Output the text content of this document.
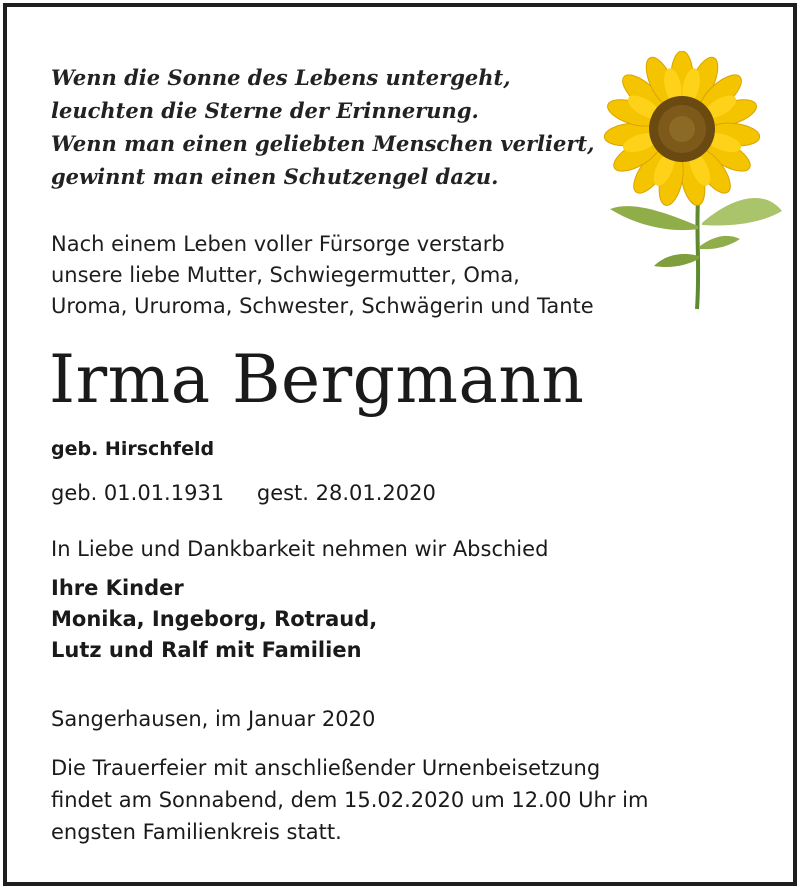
Wenn die Sonne des Lebens untergeht,
leuchten die Sterne der Erinnerung.
Wenn man einen geliebten Menschen verliert,
gewinnt man einen Schutzengel dazu.
Nach einem Leben voller Fürsorge verstarb
unsere liebe Mutter, Schwiegermutter, Oma,
Uroma, Ururoma, Schwester, Schwägerin und Tante
Irma Bergmann
geb. Hirschfeld
geb. 01.01.1931 gest. 28.01.2020
In Liebe und Dankbarkeit nehmen wir Abschied
Ihre Kinder
Monika, Ingeborg, Rotraud,
Lutz und Ralf mit Familien
Sangerhausen, im Januar 2020
Die Trauerfeier mit anschließender Urnenbeisetzung
findet am Sonnabend, dem 15.02.2020 um 12.00 Uhr im
engsten Familienkreis statt.
